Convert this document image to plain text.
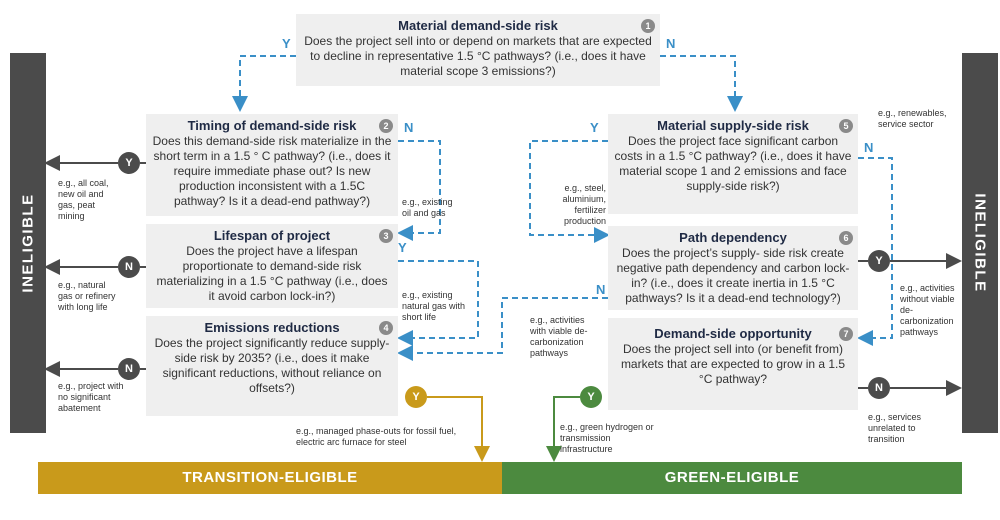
INELIGIBLE	INELIGIBLE
Material demand-side risk
Does the project sell into or depend on markets that are expected to decline in representative 1.5 °C pathways? (i.e., does it have material scope 3 emissions?)
1
Timing of demand-side risk
Does this demand-side risk materialize in the short term in a 1.5 ° C pathway? (i.e., does it require immediate phase out? Is new production inconsistent with a 1.5C pathway? Is it a dead-end pathway?)
2
Lifespan of project
Does the project have a lifespan proportionate to demand-side risk materializing in a 1.5 °C pathway (i.e., does it avoid carbon lock-in?)
3
Emissions reductions
Does the project significantly reduce supply-side risk by 2035? (i.e., does it make significant reductions, without reliance on offsets?)
4
Material supply-side risk
Does the project face significant carbon costs in a 1.5 °C pathway? (i.e., does it have material scope 1 and 2 emissions and face supply-side risk?)
5
Path dependency
Does the project’s supply- side risk create negative path dependency and carbon lock-in? (i.e., does it create inertia in 1.5 °C pathways? Is it a dead-end technology?)
6
Demand-side opportunity
Does the project sell into (or benefit from) markets that are expected to grow in a 1.5 °C pathway?
7
Y	N
N
Y
Y
N
N
Y
N
N
Y
Y
Y
N
e.g., renewables, service sector
e.g., all coal, new oil and gas, peat mining
e.g., existing oil and gas
e.g., steel, aluminium, fertilizer production
e.g., natural gas or refinery with long life
e.g., existing natural gas with short life	e.g., activities with viable de-carbonization pathways
e.g., activities without viable de-carbonization pathways
e.g., project with no significant abatement
e.g., managed phase-outs for fossil fuel, electric arc furnace for steel
e.g., green hydrogen or transmission infrastructure
e.g., services unrelated to transition
TRANSITION-ELIGIBLE	GREEN-ELIGIBLE
